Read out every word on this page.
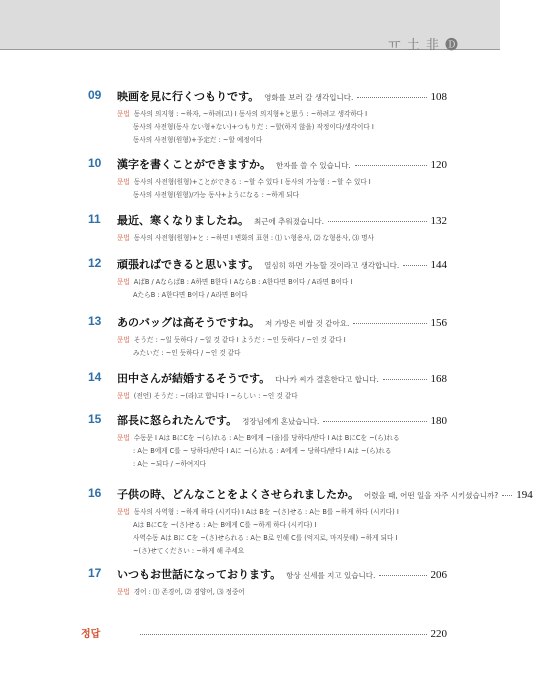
ㅠ 土 非 🅓
09 映画を見に行くつもりです。 영화를 보러 갈 생각입니다.	108
문법 동사의 의지형 : ~하자, ~하려(고) I 동사의 의지형+と思う : ~하려고 생각하다 I
동사의 사전형(동사 ない형+ない)+つもりだ : ~할(하지 않을) 작정이다/생각이다 I
동사의 사전형(원형)+予定だ : ~할 예정이다
10 漢字を書くことができますか。 한자를 쓸 수 있습니다.	120
문법 동사의 사전형(원형)+ことができる : ~할 수 있다 I 동사의 가능형 : ~할 수 있다 I
동사의 사전형(원형)/가능 동사+ようになる : ~하게 되다
11 最近、寒くなりましたね。 최근에 추워졌습니다.	132
문법 동사의 사전형(원형)+と : ~하면 I 변화의 표현 : ⑴ い형용사, ⑵ な형용사, ⑶ 명사
12 頑張ればできると思います。 열심히 하면 가능할 것이라고 생각합니다.	144
문법 AばB / AならばB : A하면 B한다 I AならB : A한다면 B이다 / A라면 B이다 I
AたらB : A한다면 B이다 / A라면 B이다
13 あのバッグは高そうですね。 저 가방은 비쌀 것 같아요.	156
문법 そうだ : ~일 듯하다 / ~일 것 같다 I ようだ : ~인 듯하다 / ~인 것 같다 I
みたいだ : ~인 듯하다 / ~인 것 같다
14 田中さんが結婚するそうです。 다나카 씨가 결혼한다고 합니다.	168
문법 (전언) そうだ : ~(라)고 합니다 I ~らしい : ~인 것 같다
15 部長に怒られたんです。 정장님에게 혼났습니다.	180
문법 수동문 I Aは BにCを ~(ら)れる : A는 B에게 ~(을)를 당하다/받다 I Aは BにCを ~(ら)れる
: A는 B에게 C를 ~ 당하다/받다 I Aに ~(ら)れる : A에게 ~ 당하다/받다 I Aは ~(ら)れる
: A는 ~되다 / ~하여지다
16 子供の時、どんなことをよくさせられましたか。 어렸을 때, 어떤 일을 자주 시키셨습니까? 194
문법 동사의 사역형 : ~하게 하다 (시키다) I Aは Bを ~(さ)せる : A는 B를 ~하게 하다 (시키다) I
Aは BにCを ~(さ)せる : A는 B에게 C를 ~하게 하다 (시키다) I
사역수동 Aは Bに Cを ~(さ)せられる : A는 B로 인해 C를 (억지로, 마지못해) ~하게 되다 I
~(さ)せてください : ~하게 해 주세요
17 いつもお世話になっております。 항상 신세를 지고 있습니다.	206
문법 경어 : ⑴ 존경어, ⑵ 겸양어, ⑶ 정중어
정답	220
